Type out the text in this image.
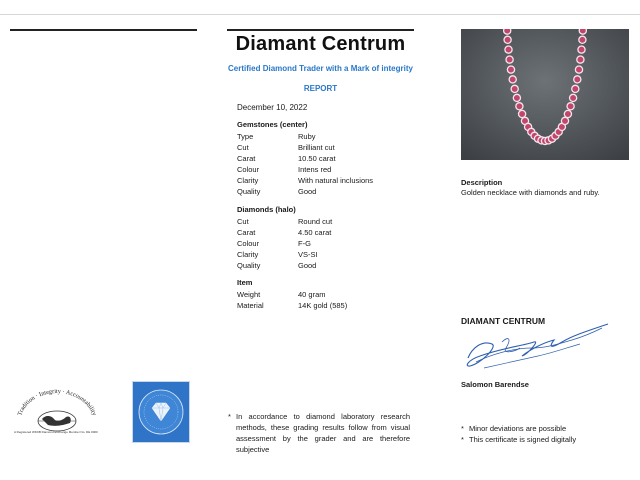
Diamant Centrum
Certified Diamond Trader with a Mark of integrity
REPORT
December 10, 2022
Gemstones (center)
Type	Ruby
Cut	Brilliant cut
Carat	10.50 carat
Colour	Intens red
Clarity	With natural inclusions
Quality	Good
Diamonds (halo)
Cut	Round cut
Carat	4.50 carat
Colour	F-G
Clarity	VS-SI
Quality	Good
Item
Weight	40 gram
Material	14K gold (585)
Description
Golden necklace with diamonds and ruby.
DIAMANT CENTRUM
Salomon Barendse
Tradition · Integrity · Accountability
A Registered WFDB Diamond Exchange Member No. DE 0000
* In accordance to diamond laboratory research methods, these grading results follow from visual assessment by the grader and are therefore subjective
* Minor deviations are possible
* This certificate is signed digitally
